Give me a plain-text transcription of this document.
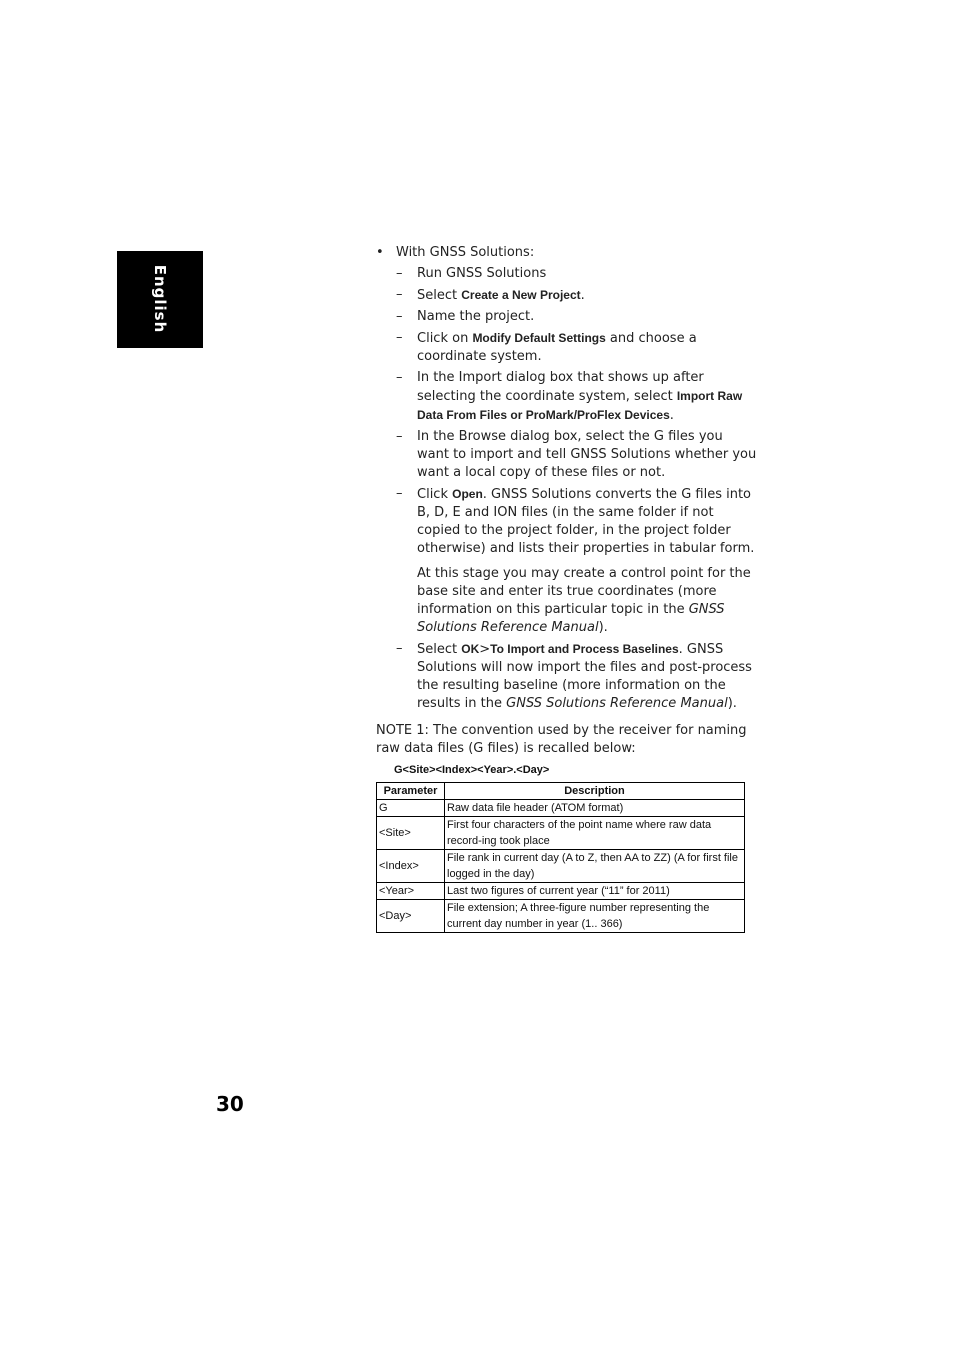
English
• With GNSS Solutions:
– Run GNSS Solutions
– Select Create a New Project.
– Name the project.
– Click on Modify Default Settings and choose a coordinate system.
– In the Import dialog box that shows up after selecting the coordinate system, select Import Raw Data From Files or ProMark/ProFlex Devices.
– In the Browse dialog box, select the G files you want to import and tell GNSS Solutions whether you want a local copy of these files or not.
– Click Open. GNSS Solutions converts the G files into B, D, E and ION files (in the same folder if not copied to the project folder, in the project folder otherwise) and lists their properties in tabular form.
At this stage you may create a control point for the base site and enter its true coordinates (more information on this particular topic in the GNSS Solutions Reference Manual).
– Select OK>To Import and Process Baselines. GNSS Solutions will now import the files and post-process the resulting baseline (more information on the results in the GNSS Solutions Reference Manual).
NOTE 1: The convention used by the receiver for naming raw data files (G files) is recalled below:
G<Site><Index><Year>.<Day>
Parameter	Description
G	Raw data file header (ATOM format)
<Site>	First four characters of the point name where raw data record-ing took place
<Index>	File rank in current day (A to Z, then AA to ZZ) (A for first file logged in the day)
<Year>	Last two figures of current year (“11” for 2011)
<Day>	File extension; A three-figure number representing the current day number in year (1.. 366)
30
